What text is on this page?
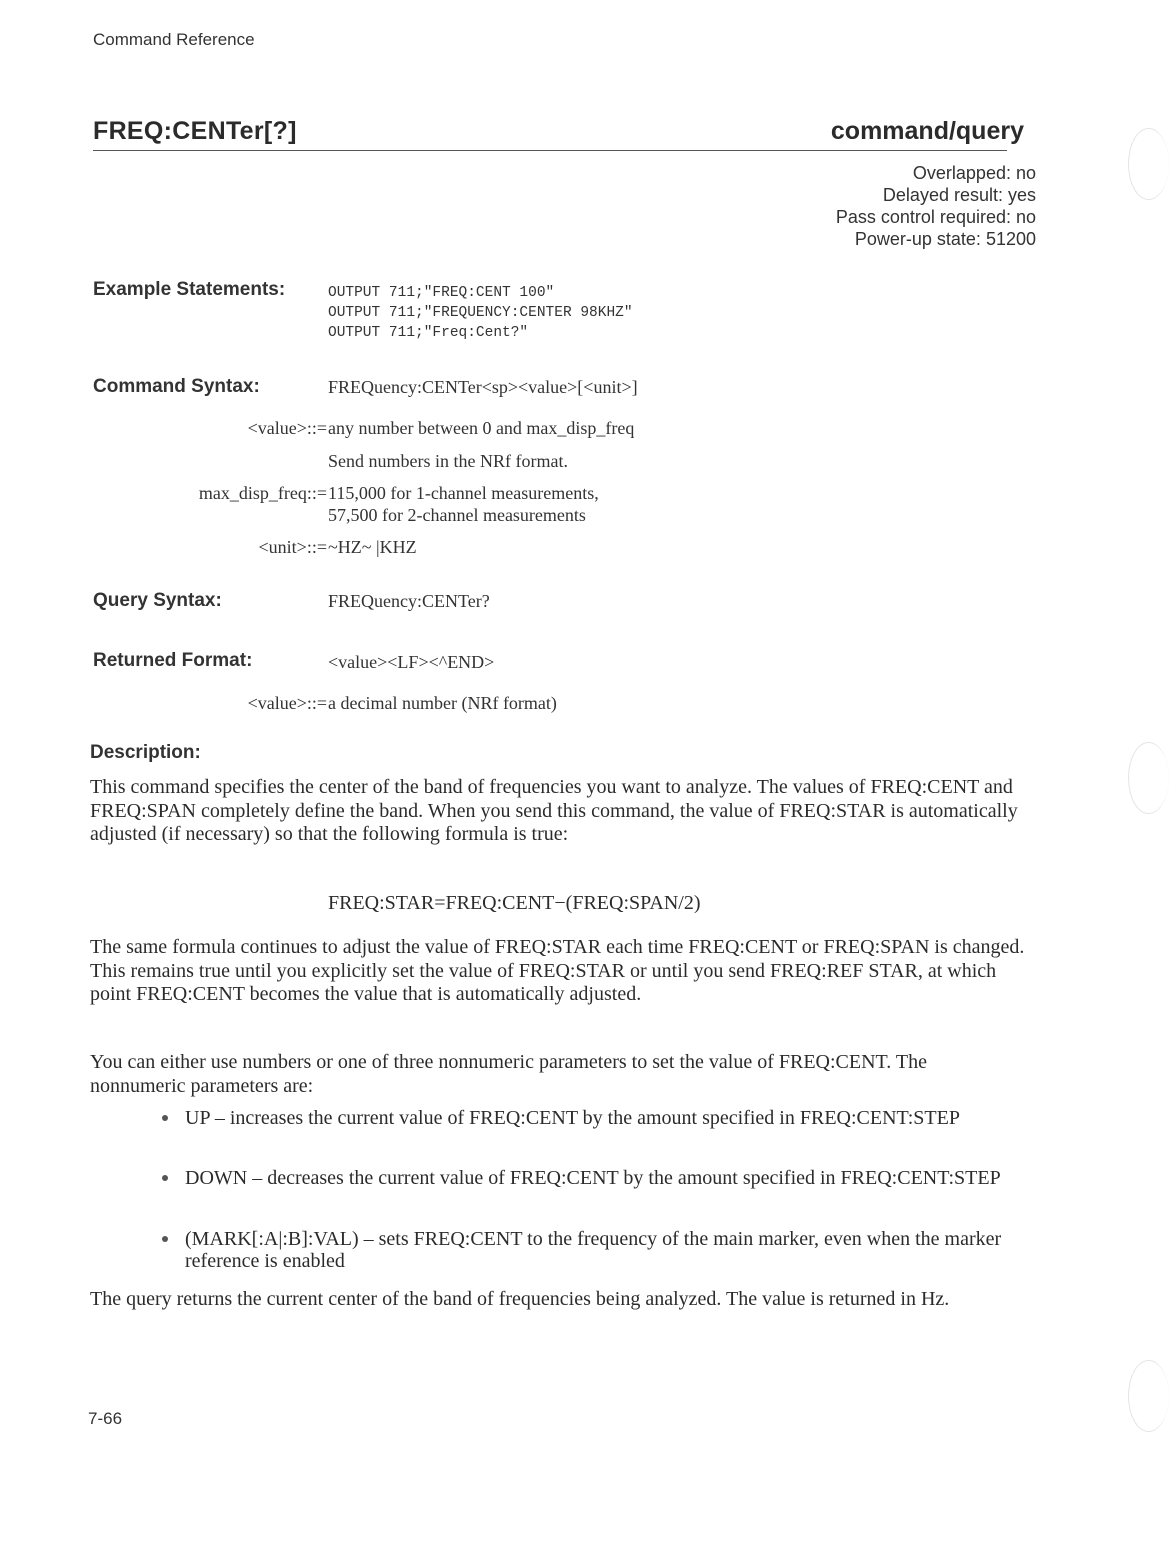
Command Reference
FREQ:CENTer[?]	command/query
Overlapped: no
Delayed result: yes
Pass control required: no
Power-up state: 51200
Example Statements:	OUTPUT 711;"FREQ:CENT 100"
OUTPUT 711;"FREQUENCY:CENTER 98KHZ"
OUTPUT 711;"Freq:Cent?"
Command Syntax:	FREQuency:CENTer<sp><value>[<unit>]
<value>::= any number between 0 and max_disp_freq
Send numbers in the NRf format.
max_disp_freq::= 115,000 for 1-channel measurements,
57,500 for 2-channel measurements
<unit>::= ~HZ~ |KHZ
Query Syntax:	FREQuency:CENTer?
Returned Format:	<value><LF><^END>
<value>::= a decimal number (NRf format)
Description:

This command specifies the center of the band of frequencies you want to analyze. The values of FREQ:CENT and FREQ:SPAN completely define the band. When you send this command, the value of FREQ:STAR is automatically adjusted (if necessary) so that the following formula is true:

FREQ:STAR=FREQ:CENT−(FREQ:SPAN/2)

The same formula continues to adjust the value of FREQ:STAR each time FREQ:CENT or FREQ:SPAN is changed. This remains true until you explicitly set the value of FREQ:STAR or until you send FREQ:REF STAR, at which point FREQ:CENT becomes the value that is automatically adjusted.

You can either use numbers or one of three nonnumeric parameters to set the value of FREQ:CENT. The nonnumeric parameters are:

UP – increases the current value of FREQ:CENT by the amount specified in FREQ:CENT:STEP
DOWN – decreases the current value of FREQ:CENT by the amount specified in FREQ:CENT:STEP
(MARK[:A|:B]:VAL) – sets FREQ:CENT to the frequency of the main marker, even when the marker reference is enabled

The query returns the current center of the band of frequencies being analyzed. The value is returned in Hz.

7-66
